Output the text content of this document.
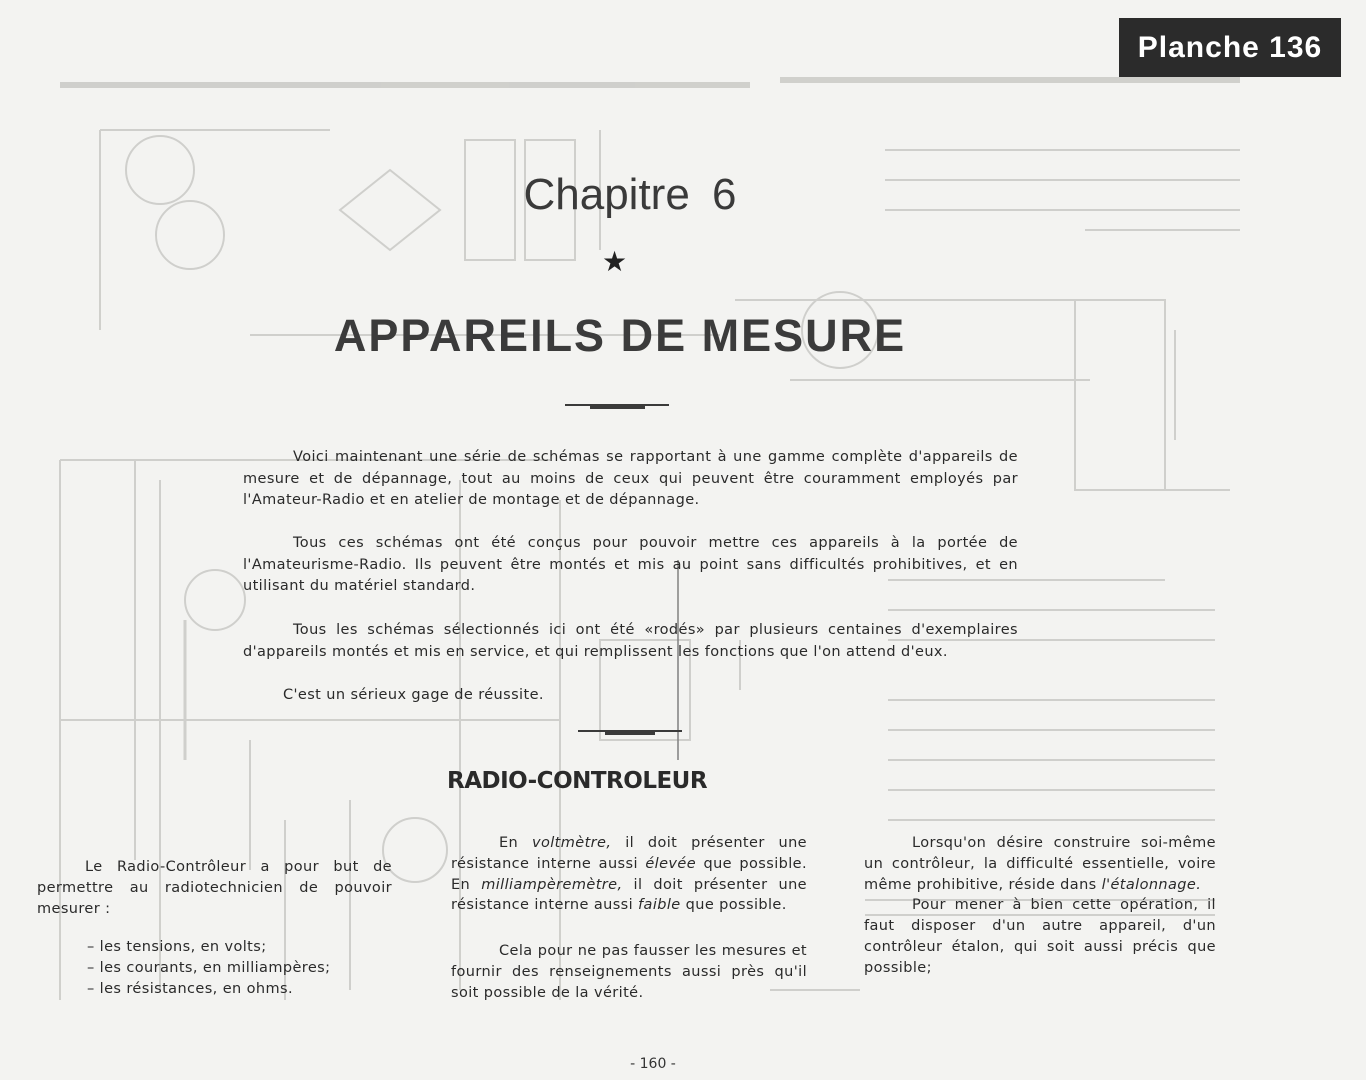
Planche 136
Chapitre 6
★
APPAREILS DE MESURE
Voici maintenant une série de schémas se rapportant à une gamme complète d'appareils de mesure et de dépannage, tout au moins de ceux qui peuvent être couramment employés par l'Amateur-Radio et en atelier de montage et de dépannage.
Tous ces schémas ont été conçus pour pouvoir mettre ces appareils à la portée de l'Amateurisme-Radio. Ils peuvent être montés et mis au point sans difficultés prohibitives, et en utilisant du matériel standard.
Tous les schémas sélectionnés ici ont été «rodés» par plusieurs centaines d'exemplaires d'appareils montés et mis en service, et qui remplissent les fonctions que l'on attend d'eux.
C'est un sérieux gage de réussite.
RADIO-CONTROLEUR

Le Radio-Contrôleur a pour but de permettre au radiotechnicien de pouvoir mesurer :

– les tensions, en volts;
– les courants, en milliampères;
– les résistances, en ohms.

En voltmètre, il doit présenter une résistance interne aussi élevée que possible. En milliampèremètre, il doit présenter une résistance interne aussi faible que possible.

Cela pour ne pas fausser les mesures et fournir des renseignements aussi près qu'il soit possible de la vérité.

Lorsqu'on désire construire soi-même un contrôleur, la difficulté essentielle, voire même prohibitive, réside dans l'étalonnage.

Pour mener à bien cette opération, il faut disposer d'un autre appareil, d'un contrôleur étalon, qui soit aussi précis que possible;

- 160 -
